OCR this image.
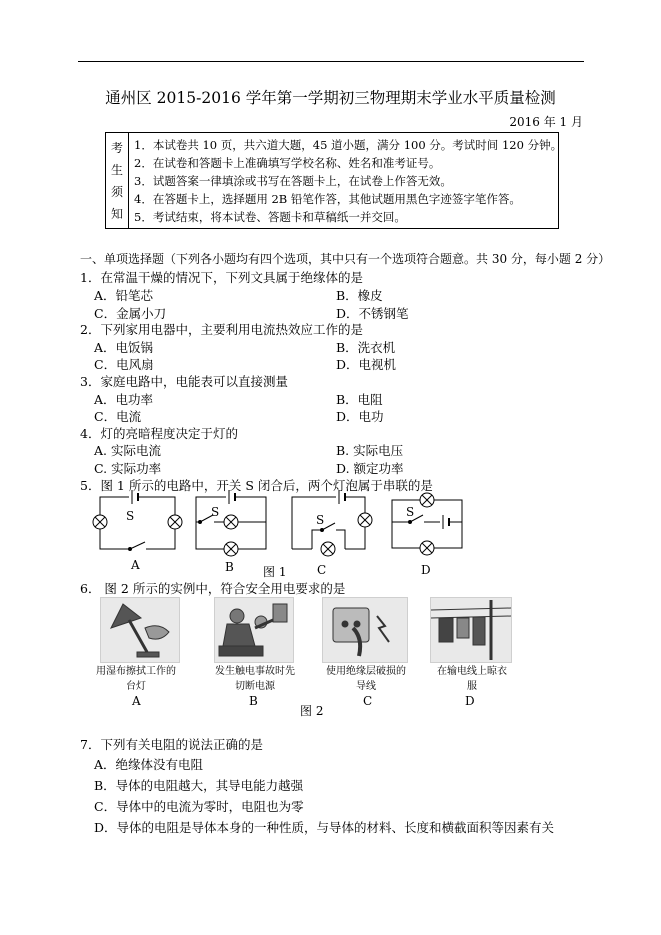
通州区 2015-2016 学年第一学期初三物理期末学业水平质量检测
2016 年 1 月
考
生
须
知
1．本试卷共 10 页，共六道大题，45 道小题，满分 100 分。考试时间 120 分钟。
2．在试卷和答题卡上准确填写学校名称、姓名和准考证号。
3．试题答案一律填涂或书写在答题卡上，在试卷上作答无效。
4．在答题卡上，选择题用 2B 铅笔作答，其他试题用黑色字迹签字笔作答。
5．考试结束，将本试卷、答题卡和草稿纸一并交回。
一、单项选择题（下列各小题均有四个选项，其中只有一个选项符合题意。共 30 分，每小题 2 分）
1．在常温干燥的情况下，下列文具属于绝缘体的是
A．铅笔芯	B．橡皮
C．金属小刀	D．不锈钢笔
2．下列家用电器中，主要利用电流热效应工作的是
A．电饭锅	B．洗衣机
C．电风扇	D．电视机
3．家庭电路中，电能表可以直接测量
A．电功率	B．电阻
C．电流	D．电功
4．灯的亮暗程度决定于灯的
A. 实际电流	B. 实际电压
C. 实际功率	D. 额定功率
5．图 1 所示的电路中，开关 S 闭合后，两个灯泡属于串联的是
S	S
S
S
A	B 图 1	C	D
6． 图 2 所示的实例中，符合安全用电要求的是
用湿布擦拭工作的台灯
发生触电事故时先切断电源
使用绝缘层破损的导线
在输电线上晾衣服
A	B	C	D
图 2
7．下列有关电阻的说法正确的是
A．绝缘体没有电阻
B．导体的电阻越大，其导电能力越强
C．导体中的电流为零时，电阻也为零
D．导体的电阻是导体本身的一种性质，与导体的材料、长度和横截面积等因素有关
